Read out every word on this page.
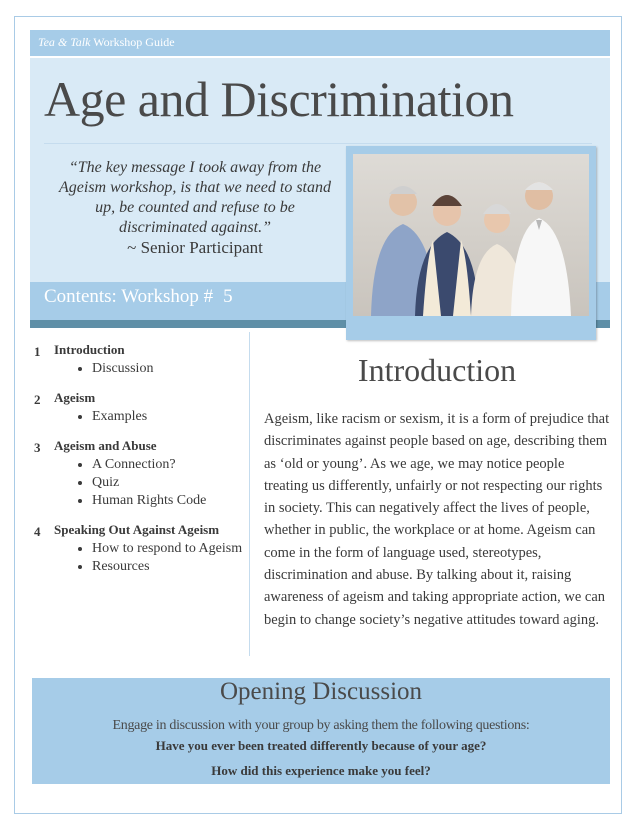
Tea & Talk Workshop Guide
Age and Discrimination
“The key message I took away from the Ageism workshop, is that we need to stand up, be counted and refuse to be discriminated against.”
~ Senior Participant
Contents: Workshop # 5
1 Introduction
• Discussion
2 Ageism
• Examples
3 Ageism and Abuse
• A Connection?
• Quiz
• Human Rights Code
4 Speaking Out Against Ageism
• How to respond to Ageism
• Resources
Introduction

Ageism, like racism or sexism, it is a form of prejudice that discriminates against people based on age, describing them as ‘old or young’. As we age, we may notice people treating us differently, unfairly or not respecting our rights in society. This can negatively affect the lives of people, whether in public, the workplace or at home. Ageism can come in the form of language used, stereotypes, discrimination and abuse. By talking about it, raising awareness of ageism and taking appropriate action, we can begin to change society’s negative attitudes toward aging.

Opening Discussion
Engage in discussion with your group by asking them the following questions:
Have you ever been treated differently because of your age?
How did this experience make you feel?
